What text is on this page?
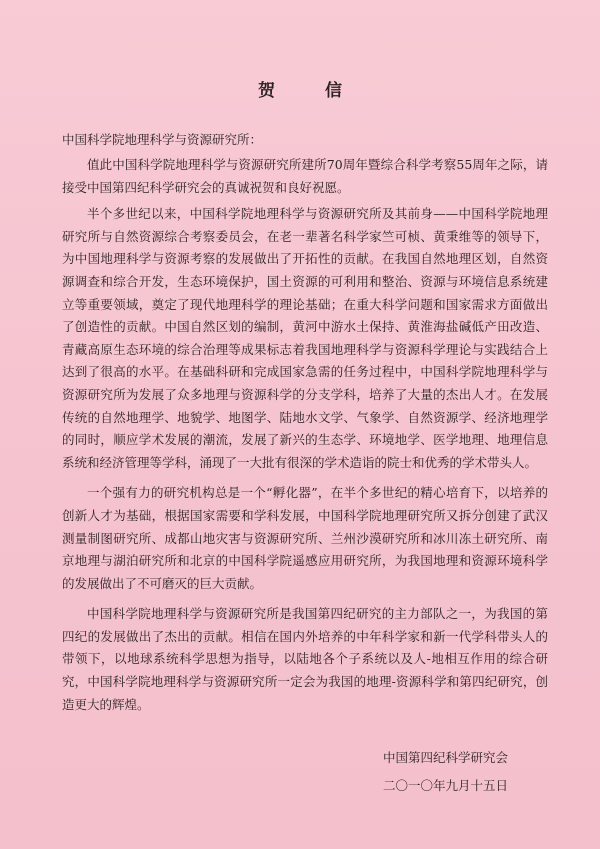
贺 信
中国科学院地理科学与资源研究所：

值此中国科学院地理科学与资源研究所建所70周年暨综合科学考察55周年之际，请接受中国第四纪科学研究会的真诚祝贺和良好祝愿。

半个多世纪以来，中国科学院地理科学与资源研究所及其前身——中国科学院地理研究所与自然资源综合考察委员会，在老一辈著名科学家竺可桢、黄秉维等的领导下，为中国地理科学与资源考察的发展做出了开拓性的贡献。在我国自然地理区划，自然资源调查和综合开发，生态环境保护，国土资源的可利用和整治、资源与环境信息系统建立等重要领域，奠定了现代地理科学的理论基础；在重大科学问题和国家需求方面做出了创造性的贡献。中国自然区划的编制，黄河中游水土保持、黄淮海盐碱低产田改造、青藏高原生态环境的综合治理等成果标志着我国地理科学与资源科学理论与实践结合上达到了很高的水平。在基础科研和完成国家急需的任务过程中，中国科学院地理科学与资源研究所为发展了众多地理与资源科学的分支学科，培养了大量的杰出人才。在发展传统的自然地理学、地貌学、地图学、陆地水文学、气象学、自然资源学、经济地理学的同时，顺应学术发展的潮流，发展了新兴的生态学、环境地学、医学地理、地理信息系统和经济管理等学科，涌现了一大批有很深的学术造诣的院士和优秀的学术带头人。

一个强有力的研究机构总是一个“孵化器”，在半个多世纪的精心培育下，以培养的创新人才为基础，根据国家需要和学科发展，中国科学院地理研究所又拆分创建了武汉测量制图研究所、成都山地灾害与资源研究所、兰州沙漠研究所和冰川冻土研究所、南京地理与湖泊研究所和北京的中国科学院遥感应用研究所，为我国地理和资源环境科学的发展做出了不可磨灭的巨大贡献。

中国科学院地理科学与资源研究所是我国第四纪研究的主力部队之一，为我国的第四纪的发展做出了杰出的贡献。相信在国内外培养的中年科学家和新一代学科带头人的带领下，以地球系统科学思想为指导，以陆地各个子系统以及人-地相互作用的综合研究，中国科学院地理科学与资源研究所一定会为我国的地理-资源科学和第四纪研究，创造更大的辉煌。

中国第四纪科学研究会
二〇一〇年九月十五日
